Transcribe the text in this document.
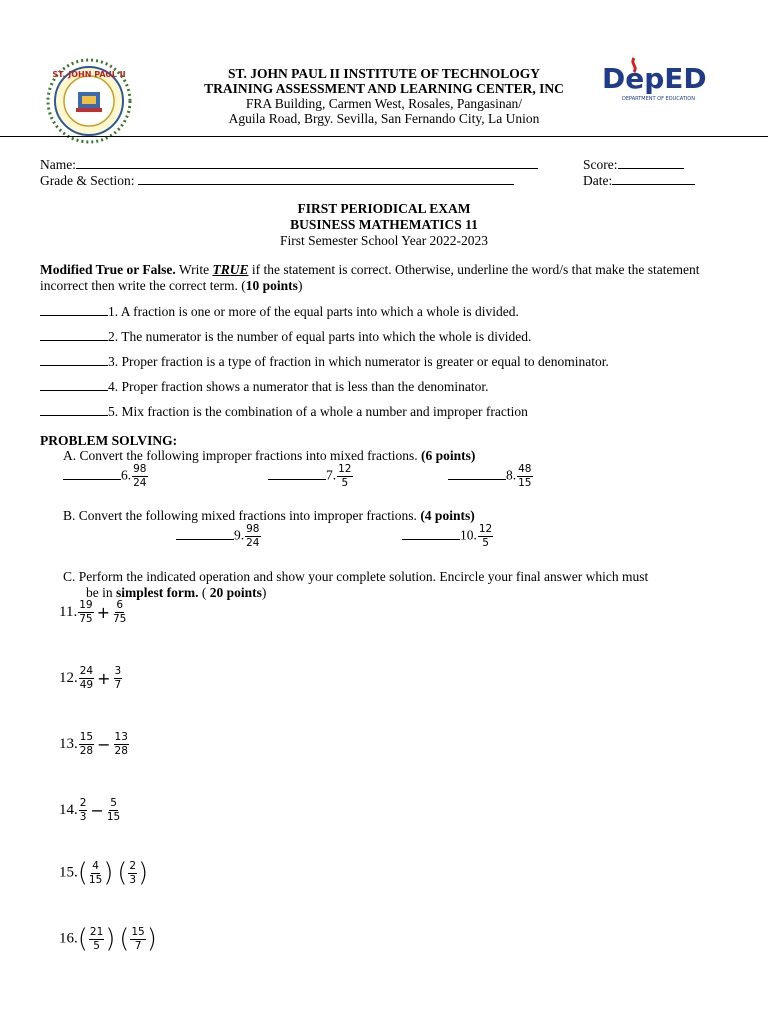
ST. JOHN PAUL II	DepED
DEPARTMENT OF EDUCATION
ST. JOHN PAUL II INSTITUTE OF TECHNOLOGY
TRAINING ASSESSMENT AND LEARNING CENTER, INC
FRA Building, Carmen West, Rosales, Pangasinan/
Aguila Road, Brgy. Sevilla, San Fernando City, La Union
Name:	Score:
Grade & Section:	Date:
FIRST PERIODICAL EXAM
BUSINESS MATHEMATICS 11
First Semester School Year 2022-2023
Modified True or False. Write TRUE if the statement is correct. Otherwise, underline the word/s that make the statement incorrect then write the correct term. (10 points)
1. A fraction is one or more of the equal parts into which a whole is divided.
2. The numerator is the number of equal parts into which the whole is divided.
3. Proper fraction is a type of fraction in which numerator is greater or equal to denominator.
4. Proper fraction shows a numerator that is less than the denominator.
5. Mix fraction is the combination of a whole a number and improper fraction
PROBLEM SOLVING:
A. Convert the following improper fractions into mixed fractions. (6 points)
6. $\frac{98}{24}$	7. $\frac{12}{5}$	8. $\frac{48}{15}$
B. Convert the following mixed fractions into improper fractions. (4 points)
9. $\frac{98}{24}$	10. $\frac{12}{5}$
C. Perform the indicated operation and show your complete solution. Encircle your final answer which must
be in simplest form. ( 20 points)
11. $\frac{19}{75} + \frac{6}{75}$
12. $\frac{24}{49} + \frac{3}{7}$
13. $\frac{15}{28} - \frac{13}{28}$
14. $\frac{2}{3} - \frac{5}{15}$
$15.( \frac{4}{15}$ ) ( $\frac{2}{3}$ )
$16.( \frac{21}{5}$ ) ( $\frac{15}{7}$ )
